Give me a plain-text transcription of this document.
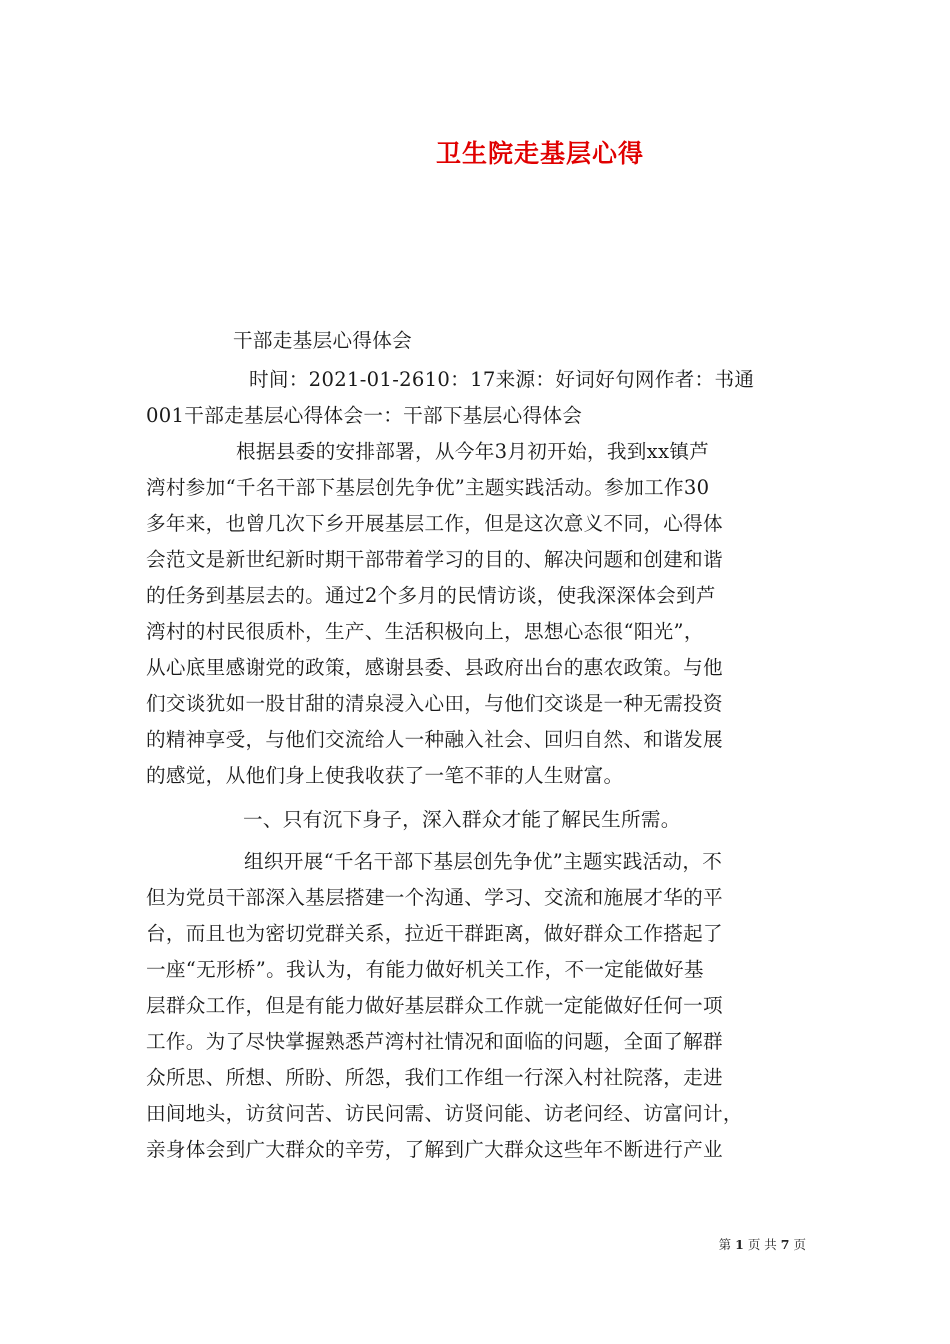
卫生院走基层心得
干部走基层心得体会
时间：2021-01-2610：17来源：好词好句网作者：书通
001干部走基层心得体会一：干部下基层心得体会
根据县委的安排部署，从今年3月初开始，我到xx镇芦
湾村参加“千名干部下基层创先争优”主题实践活动。参加工作30
多年来，也曾几次下乡开展基层工作，但是这次意义不同，心得体
会范文是新世纪新时期干部带着学习的目的、解决问题和创建和谐
的任务到基层去的。通过2个多月的民情访谈，使我深深体会到芦
湾村的村民很质朴，生产、生活积极向上，思想心态很“阳光”，
从心底里感谢党的政策，感谢县委、县政府出台的惠农政策。与他
们交谈犹如一股甘甜的清泉浸入心田，与他们交谈是一种无需投资
的精神享受，与他们交流给人一种融入社会、回归自然、和谐发展
的感觉，从他们身上使我收获了一笔不菲的人生财富。
一、只有沉下身子，深入群众才能了解民生所需。
组织开展“千名干部下基层创先争优”主题实践活动，不
但为党员干部深入基层搭建一个沟通、学习、交流和施展才华的平
台，而且也为密切党群关系，拉近干群距离，做好群众工作搭起了
一座“无形桥”。我认为，有能力做好机关工作，不一定能做好基
层群众工作，但是有能力做好基层群众工作就一定能做好任何一项
工作。为了尽快掌握熟悉芦湾村社情况和面临的问题，全面了解群
众所思、所想、所盼、所怨，我们工作组一行深入村社院落，走进
田间地头，访贫问苦、访民问需、访贤问能、访老问经、访富问计，
亲身体会到广大群众的辛劳，了解到广大群众这些年不断进行产业
第 1 页 共 7 页
